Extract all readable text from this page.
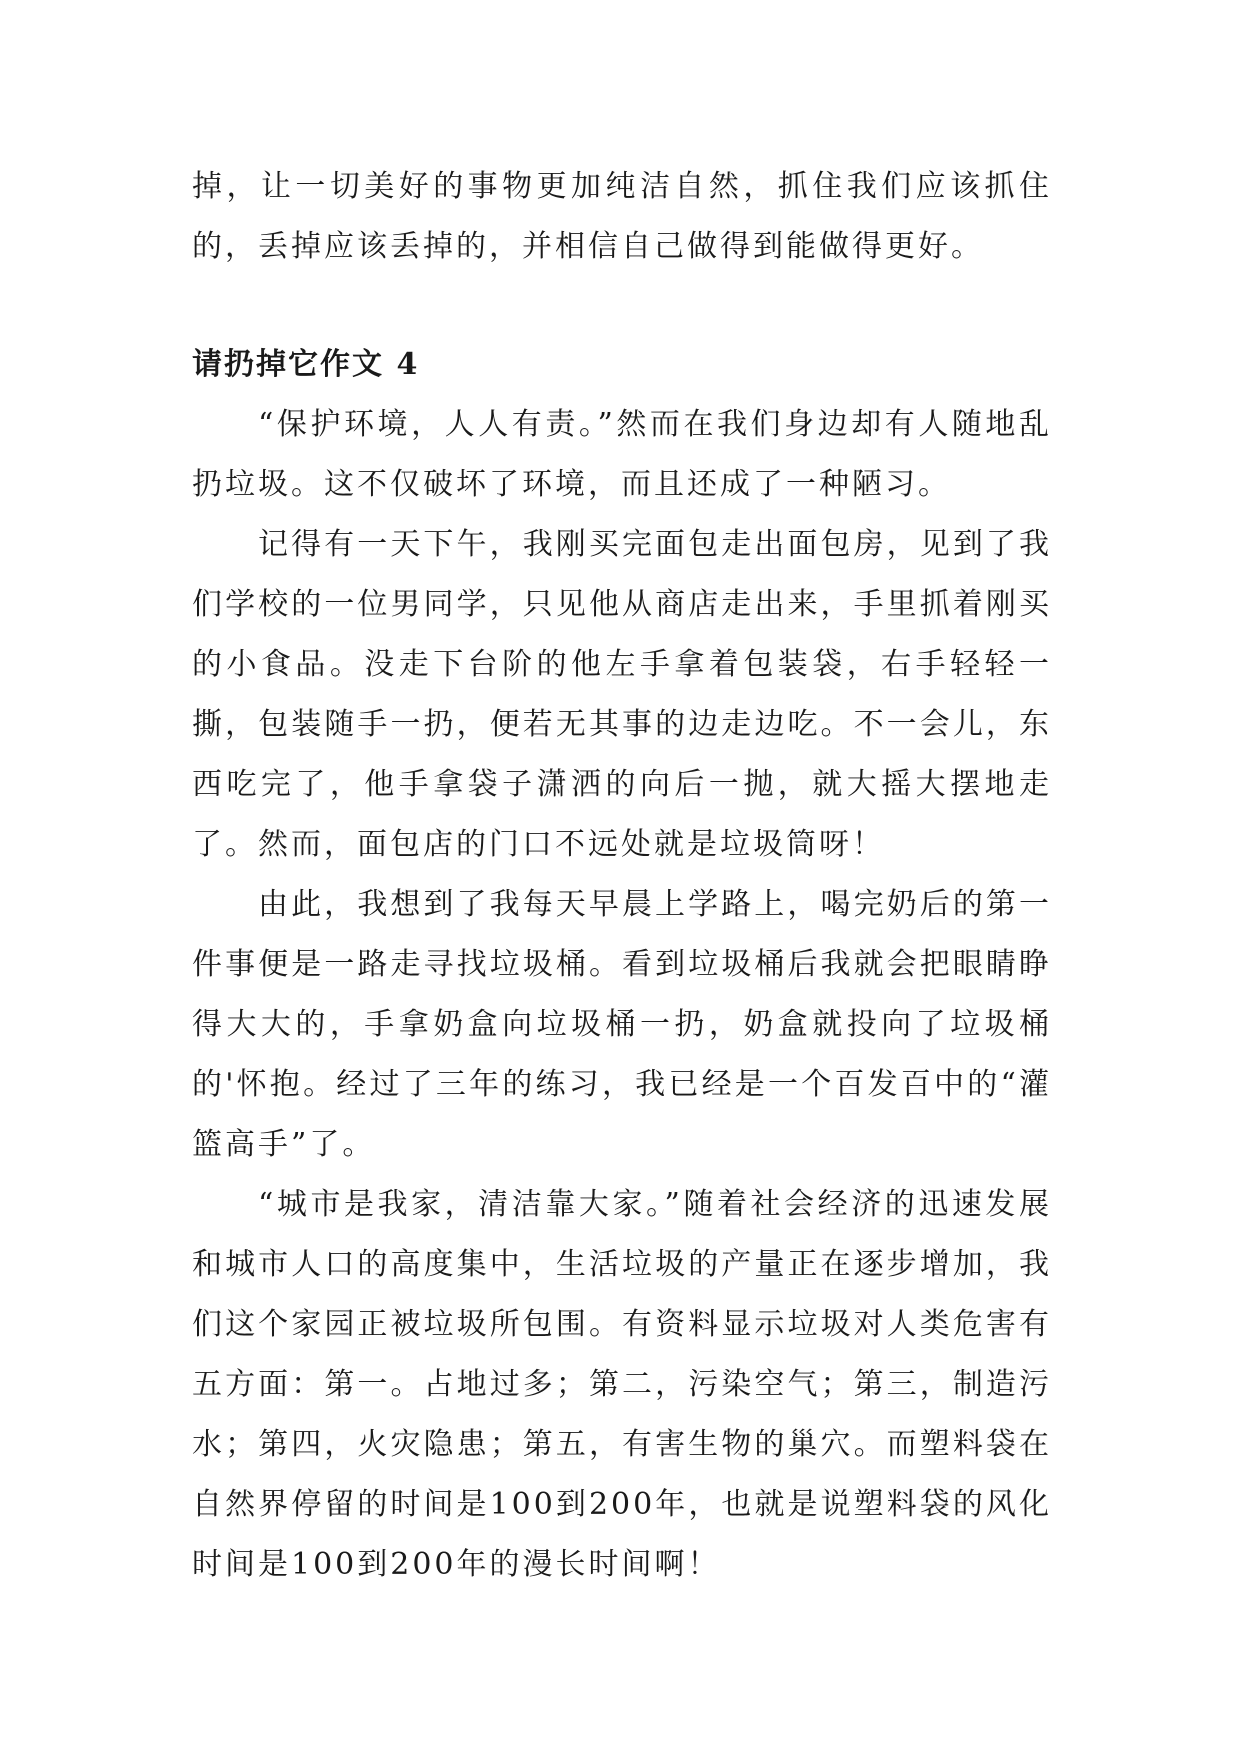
掉，让一切美好的事物更加纯洁自然，抓住我们应该抓住的，丢掉应该丢掉的，并相信自己做得到能做得更好。

请扔掉它作文 4

“保护环境，人人有责。”然而在我们身边却有人随地乱扔垃圾。这不仅破坏了环境，而且还成了一种陋习。

记得有一天下午，我刚买完面包走出面包房，见到了我们学校的一位男同学，只见他从商店走出来，手里抓着刚买的小食品。没走下台阶的他左手拿着包装袋，右手轻轻一撕，包装随手一扔，便若无其事的边走边吃。不一会儿，东西吃完了，他手拿袋子潇洒的向后一抛，就大摇大摆地走了。然而，面包店的门口不远处就是垃圾筒呀！

由此，我想到了我每天早晨上学路上，喝完奶后的第一件事便是一路走寻找垃圾桶。看到垃圾桶后我就会把眼睛睁得大大的，手拿奶盒向垃圾桶一扔，奶盒就投向了垃圾桶的'怀抱。经过了三年的练习，我已经是一个百发百中的“灌篮高手”了。

“城市是我家，清洁靠大家。”随着社会经济的迅速发展和城市人口的高度集中，生活垃圾的产量正在逐步增加，我们这个家园正被垃圾所包围。有资料显示垃圾对人类危害有五方面：第一。占地过多；第二，污染空气；第三，制造污水；第四，火灾隐患；第五，有害生物的巢穴。而塑料袋在自然界停留的时间是100到200年，也就是说塑料袋的风化时间是100到200年的漫长时间啊！
